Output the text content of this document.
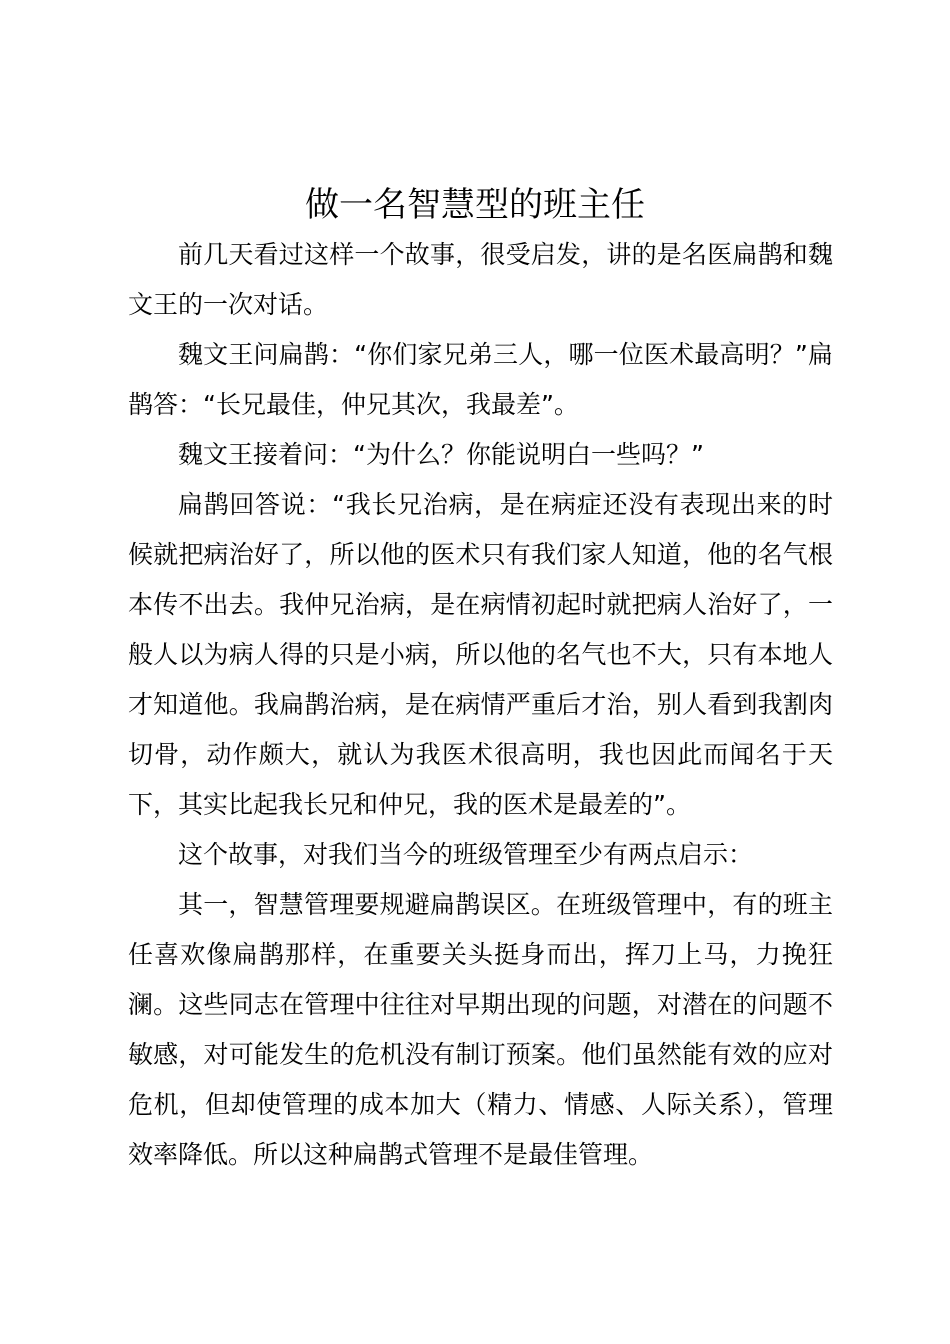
做一名智慧型的班主任

前几天看过这样一个故事，很受启发，讲的是名医扁鹊和魏文王的一次对话。

魏文王问扁鹊：“你们家兄弟三人，哪一位医术最高明？”扁鹊答：“长兄最佳，仲兄其次，我最差”。

魏文王接着问：“为什么？你能说明白一些吗？”

扁鹊回答说：“我长兄治病，是在病症还没有表现出来的时候就把病治好了，所以他的医术只有我们家人知道，他的名气根本传不出去。我仲兄治病，是在病情初起时就把病人治好了，一般人以为病人得的只是小病，所以他的名气也不大，只有本地人才知道他。我扁鹊治病，是在病情严重后才治，别人看到我割肉切骨，动作颇大，就认为我医术很高明，我也因此而闻名于天下，其实比起我长兄和仲兄，我的医术是最差的”。

这个故事，对我们当今的班级管理至少有两点启示：

其一，智慧管理要规避扁鹊误区。在班级管理中，有的班主任喜欢像扁鹊那样，在重要关头挺身而出，挥刀上马，力挽狂澜。这些同志在管理中往往对早期出现的问题，对潜在的问题不敏感，对可能发生的危机没有制订预案。他们虽然能有效的应对危机，但却使管理的成本加大（精力、情感、人际关系），管理效率降低。所以这种扁鹊式管理不是最佳管理。
